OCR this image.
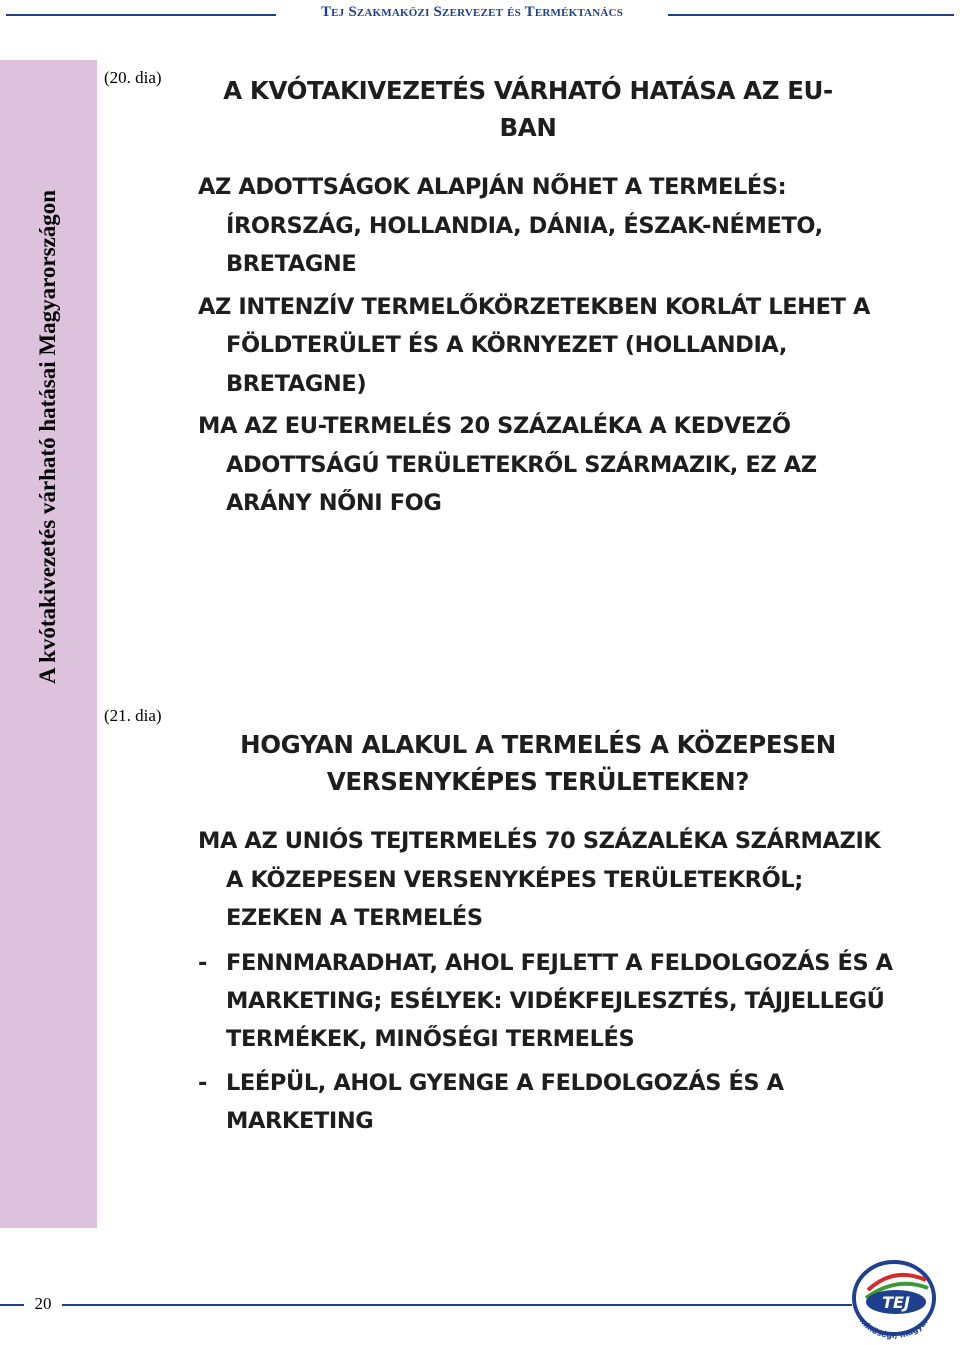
Tej Szakmaközi Szervezet és Terméktanács
A kvótakivezetés várható hatásai Magyarországon
(20. dia)	A KVÓTAKIVEZETÉS VÁRHATÓ HATÁSA AZ EU-
BAN

AZ ADOTTSÁGOK ALAPJÁN NŐHET A TERMELÉS: ÍRORSZÁG, HOLLANDIA, DÁNIA, ÉSZAK-NÉMETO, BRETAGNE

AZ INTENZÍV TERMELŐKÖRZETEKBEN KORLÁT LEHET A FÖLDTERÜLET ÉS A KÖRNYEZET (HOLLANDIA, BRETAGNE)

MA AZ EU-TERMELÉS 20 SZÁZALÉKA A KEDVEZŐ ADOTTSÁGÚ TERÜLETEKRŐL SZÁRMAZIK, EZ AZ ARÁNY NŐNI FOG

(21. dia)
HOGYAN ALAKUL A TERMELÉS A KÖZEPESEN
VERSENYKÉPES TERÜLETEKEN?

MA AZ UNIÓS TEJTERMELÉS 70 SZÁZALÉKA SZÁRMAZIK A KÖZEPESEN VERSENYKÉPES TERÜLETEKRŐL; EZEKEN A TERMELÉS

- FENNMARADHAT, AHOL FEJLETT A FELDOLGOZÁS ÉS A MARKETING; ESÉLYEK: VIDÉKFEJLESZTÉS, TÁJJELLEGŰ TERMÉKEK, MINŐSÉGI TERMELÉS

- LEÉPÜL, AHOL GYENGE A FELDOLGOZÁS ÉS A MARKETING

20	TEJ
minőségi, magyar
